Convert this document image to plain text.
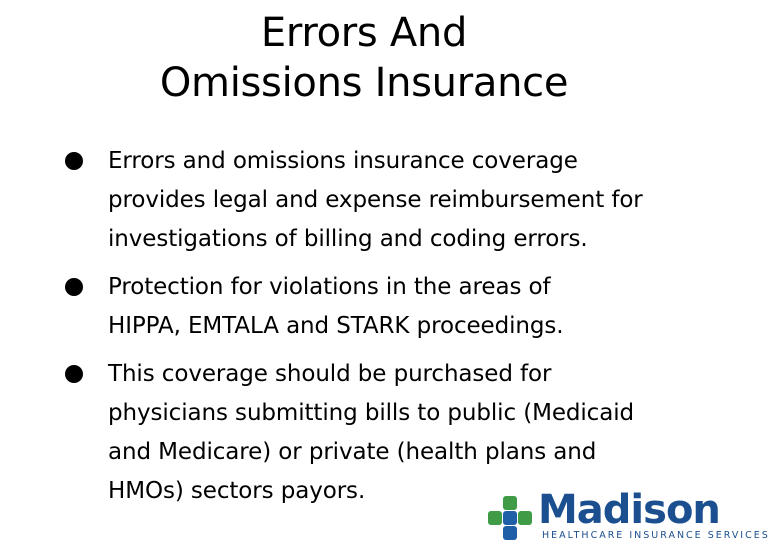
Errors And
Omissions Insurance
Errors and omissions insurance coverage
provides legal and expense reimbursement for
investigations of billing and coding errors.
Protection for violations in the areas of
HIPPA, EMTALA and STARK proceedings.
This coverage should be purchased for
physicians submitting bills to public (Medicaid
and Medicare) or private (health plans and
HMOs) sectors payors.	Madison
HEALTHCARE INSURANCE SERVICES
